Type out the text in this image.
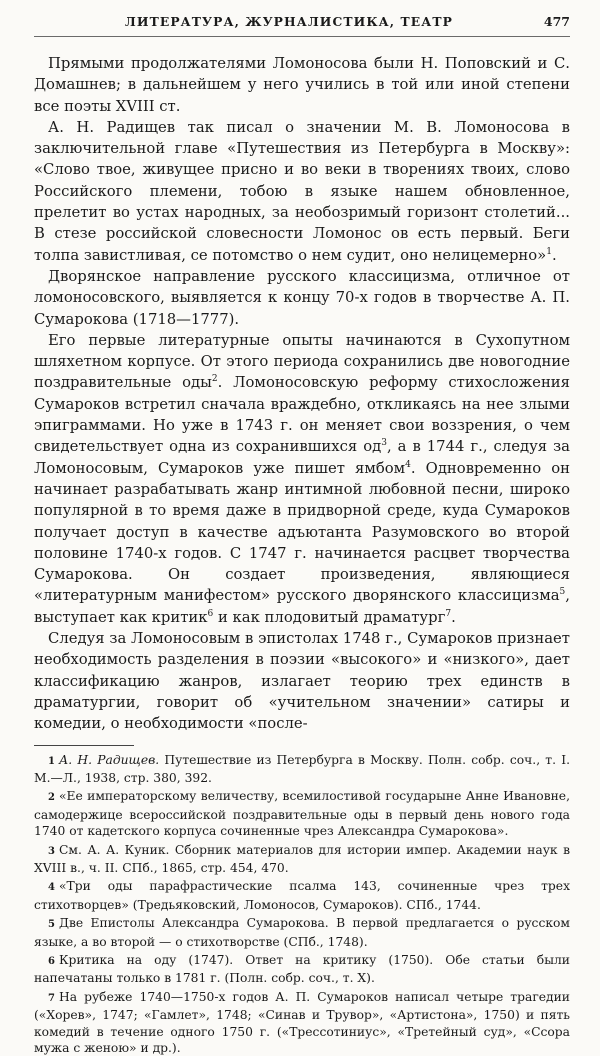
ЛИТЕРАТУРА, ЖУРНАЛИСТИКА, ТЕАТР	477

Прямыми продолжателями Ломоносова были Н. Поповский и С. Домашнев; в дальнейшем у него учились в той или иной степени все поэты XVIII ст.

А. Н. Радищев так писал о значении М. В. Ломоносова в заключительной главе «Путешествия из Петербурга в Москву»: «Слово твое, живущее присно и во веки в творениях твоих, слово Российского племени, тобою в языке нашем обновленное, прелетит во устах народных, за необозримый горизонт столетий... В стезе российской словесности Ломонос ов есть первый. Беги толпа завистливая, се потомство о нем судит, оно нелицемерно»$^1$.

Дворянское направление русского классицизма, отличное от ломоносовского, выявляется к концу 70-х годов в творчестве А. П. Сумарокова (1718—1777).

Его первые литературные опыты начинаются в Сухопутном шляхетном корпусе. От этого периода сохранились две новогодние поздравительные оды$^2$. Ломоносовскую реформу стихосложения Сумароков встретил сначала враждебно, откликаясь на нее злыми эпиграммами. Но уже в 1743 г. он меняет свои воззрения, о чем свидетельствует одна из сохранившихся $од^3$, а в 1744 г., следуя за Ломоносовым, Сумароков уже пишет ямбом$^4$. Одновременно он начинает разрабатывать жанр интимной любовной песни, широко популярной в то время даже в придворной среде, куда Сумароков получает доступ в качестве адъютанта Разумовского во второй половине 1740-х годов. С 1747 г. начинается расцвет творчества Сумарокова. Он создает произведения, являющиеся «литературным манифестом» русского дворянского классицизма$^5$, выступает как критик$^6$ и как плодовитый драматург$^7$.

Следуя за Ломоносовым в эпистолах 1748 г., Сумароков признает необходимость разделения в поэзии «высокого» и «низкого», дает классификацию жанров, излагает теорию трех единств в драматургии, говорит об «учительном значении» сатиры и комедии, о необходимости «после-

1 А. Н. Радищев. Путешествие из Петербурга в Москву. Полн. собр. соч., т. I. М.—Л., 1938, стр. 380, 392.

2 «Ее императорскому величеству, всемилостивой государыне Анне Ивановне, самодержице всероссийской поздравительные оды в первый день нового года 1740 от кадетского корпуса сочиненные чрез Александра Сумарокова».

3 См. А. А. Куник. Сборник материалов для истории импер. Академии наук в XVIII в., ч. II. СПб., 1865, стр. 454, 470.

4 «Три оды парафрастические псалма 143, сочиненные чрез трех стихотворцев» (Тредьяковский, Ломоносов, Сумароков). СПб., 1744.

5 Две Епистолы Александра Сумарокова. В первой предлагается о русском языке, а во второй — о стихотворстве (СПб., 1748).

6 Критика на оду (1747). Ответ на критику (1750). Обе статьи были напечатаны только в 1781 г. (Полн. собр. соч., т. X).

7 На рубеже 1740—1750-х годов А. П. Сумароков написал четыре трагедии («Хорев», 1747; «Гамлет», 1748; «Синав и Трувор», «Артистона», 1750) и пять комедий в течение одного 1750 г. («Трессотиниус», «Третейный суд», «Ссора мужа с женою» и др.).
